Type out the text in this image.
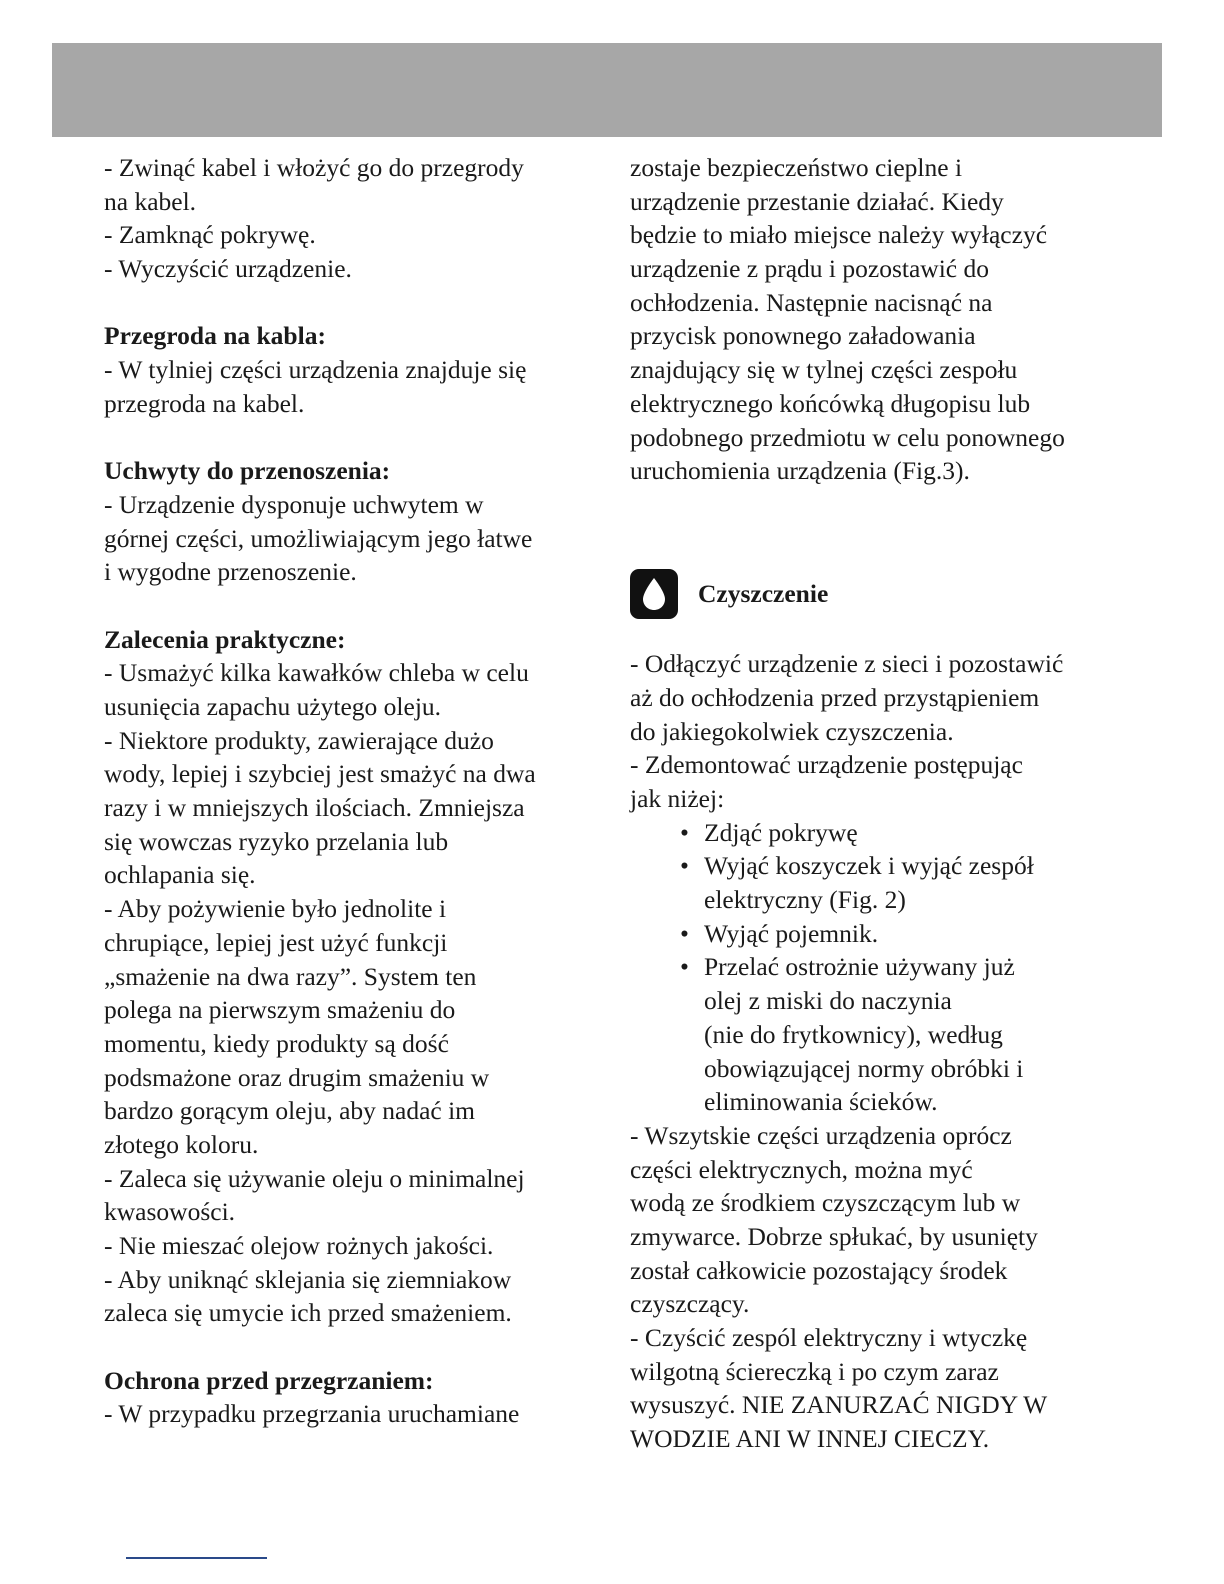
- Zwinąć kabel i włożyć go do przegrody
na kabel.
- Zamknąć pokrywę.
- Wyczyścić urządzenie.
Przegroda na kabla:
- W tylniej części urządzenia znajduje się
przegroda na kabel.
Uchwyty do przenoszenia:
- Urządzenie dysponuje uchwytem w
górnej części, umożliwiającym jego łatwe
i wygodne przenoszenie.
Zalecenia praktyczne:
- Usmażyć kilka kawałków chleba w celu
usunięcia zapachu użytego oleju.
- Niektore produkty, zawierające dużo
wody, lepiej i szybciej jest smażyć na dwa
razy i w mniejszych ilościach. Zmniejsza
się wowczas ryzyko przelania lub
ochlapania się.
- Aby pożywienie było jednolite i
chrupiące, lepiej jest użyć funkcji
„smażenie na dwa razy”. System ten
polega na pierwszym smażeniu do
momentu, kiedy produkty są dość
podsmażone oraz drugim smażeniu w
bardzo gorącym oleju, aby nadać im
złotego koloru.
- Zaleca się używanie oleju o minimalnej
kwasowości.
- Nie mieszać olejow rożnych jakości.
- Aby uniknąć sklejania się ziemniakow
zaleca się umycie ich przed smażeniem.
Ochrona przed przegrzaniem:
- W przypadku przegrzania uruchamiane
zostaje bezpieczeństwo cieplne i
urządzenie przestanie działać. Kiedy
będzie to miało miejsce należy wyłączyć
urządzenie z prądu i pozostawić do
ochłodzenia. Następnie nacisnąć na
przycisk ponownego załadowania
znajdujący się w tylnej części zespołu
elektrycznego końcówką długopisu lub
podobnego przedmiotu w celu ponownego
uruchomienia urządzenia (Fig.3).
Czyszczenie
- Odłączyć urządzenie z sieci i pozostawić
aż do ochłodzenia przed przystąpieniem
do jakiegokolwiek czyszczenia.
- Zdemontować urządzenie postępując
jak niżej:
• Zdjąć pokrywę
• Wyjąć koszyczek i wyjąć zespół
elektryczny (Fig. 2)
• Wyjąć pojemnik.
• Przelać ostrożnie używany już
olej z miski do naczynia
(nie do frytkownicy), według
obowiązującej normy obróbki i
eliminowania ścieków.
- Wszytskie części urządzenia oprócz
części elektrycznych, można myć
wodą ze środkiem czyszczącym lub w
zmywarce. Dobrze spłukać, by usunięty
został całkowicie pozostający środek
czyszczący.
- Czyścić zespól elektryczny i wtyczkę
wilgotną ściereczką i po czym zaraz
wysuszyć. NIE ZANURZAĆ NIGDY W
WODZIE ANI W INNEJ CIECZY.
